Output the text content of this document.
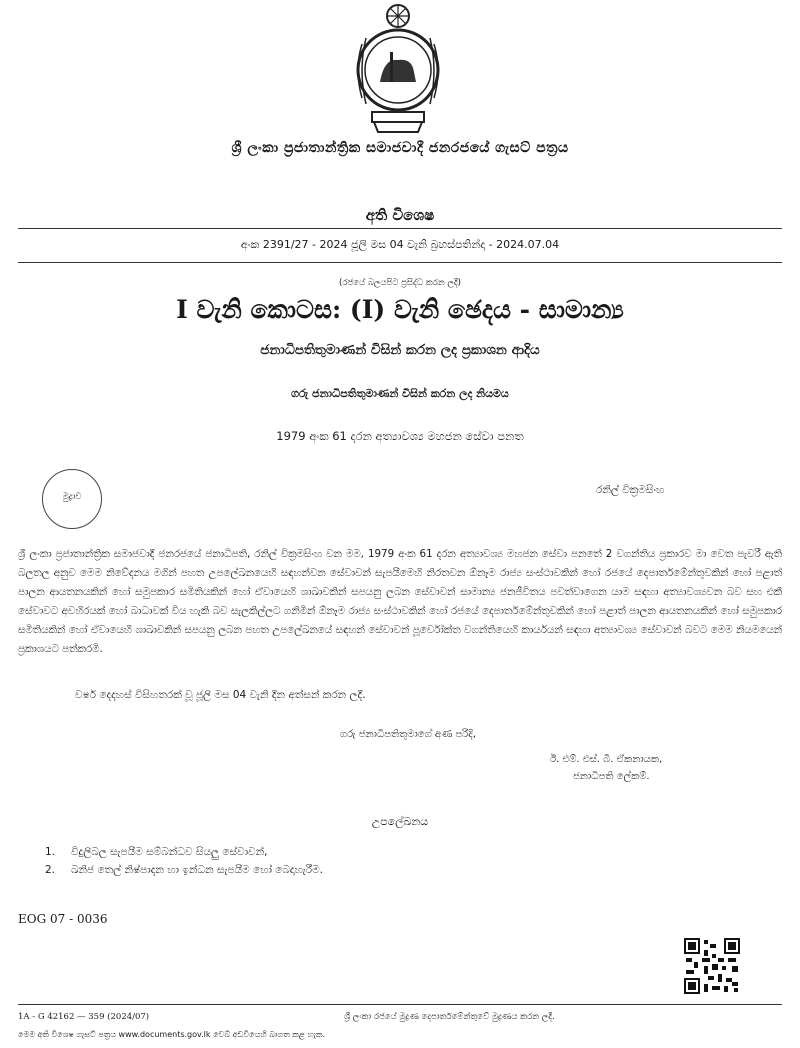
ශ්‍රී ලංකා ප්‍රජාතාන්ත්‍රික සමාජවාදී ජනරජයේ ගැසට් පත්‍රය
අති විශෙෂ
අංක 2391/27 - 2024 ජූලි මස 04 වැනි බ්‍රහස්පතින්දා - 2024.07.04
(රජයේ බලයපිට ප්‍රසිද්ධ කරන ලදී)
I වැනි කොටස: (I) වැනි ඡෙදය - සාමාන්‍ය
ජනාධිපතිතුමාණන් විසින් කරන ලද ප්‍රකාශන ආදිය
ගරු ජනාධිපතිතුමාණන් විසින් කරන ලද නියමය
1979 අංක 61 දරන අත්‍යාවශ්‍ය මහජන සේවා පනත
මුද්‍රාව
රනිල් වික්‍රමසිංහ
ශ්‍රී ලංකා ප්‍රජාතාන්ත්‍රික සමාජවාදී ජනරජයේ ජනාධිපති, රනිල් වික්‍රමසිංහ වන මම, 1979 අංක 61 දරන අත්‍යාවශ්‍ය මහජන සේවා පනතේ 2 වගන්තිය ප්‍රකාරව මා වෙත පැවරී ඇති බලතල අනුව මෙම නිවේදනය මගින් පහත උපලේඛනයෙහි සඳහන්වන සේවාවන් සැපයීමෙහි නිරතවන ඕනෑම රාජ්‍ය සංස්ථාවකින් හෝ රජයේ දෙපාර්තමේන්තුවකින් හෝ පළාත් පාලන ආයතනයකින් හෝ සමුපකාර සමිතියකින් හෝ ඒවායෙහි ශාඛාවකින් සපයනු ලබන සේවාවන් සාමාන්‍ය ජනජීවිතය පවත්වාගෙන යාම සඳහා අත්‍යාවශ්‍යවන බව සහ එකී සේවාවට අවහිරයක් හෝ බාධාවක් විය හැකි බව සැලකිල්ලට ගනිමින් ඕනෑම රාජ්‍ය සංස්ථාවකින් හෝ රජයේ දෙපාර්තමේන්තුවකින් හෝ පළාත් පාලන ආයතනයකින් හෝ සමුපකාර සමිතියකින් හෝ ඒවායෙහි ශාඛාවකින් සපයනු ලබන පහත උපලේඛනයේ සඳහන් සේවාවන් පූර්වෝක්ත වගන්තියෙහි කාර්යයන් සඳහා අත්‍යාවශ්‍ය සේවාවන් බවට මෙම නියමයෙන් ප්‍රකාශයට පත්කරමි.
වර්ෂ දෙදහස් විසිහතරක් වූ ජූලි මස 04 වැනි දින අත්සන් කරන ලදී.
ගරු ජනාධිපතිතුමාගේ අණ පරිදි,
ඊ. එම්. එස්. බී. ඒකනායක,
ජනාධිපති ලේකම්.
උපලේඛනය
1. විදුලිබල සැපයීම සම්බන්ධව සියලු සේවාවන්,
2. ඛනිජ තෙල් නිෂ්පාදන හා ඉන්ධන සැපයීම හෝ බෙදාහැරීම.
EOG 07 - 0036
1A - G 42162 — 359 (2024/07)	ශ්‍රී ලංකා රජයේ මුද්‍රණ දෙපාර්තමේන්තුවේ මුද්‍රණය කරන ලදී.
මෙම අති විශෙෂ ගැසට් පත්‍රය www.documents.gov.lk වෙබ් අඩවියෙහි බාගත කළ හැක.
